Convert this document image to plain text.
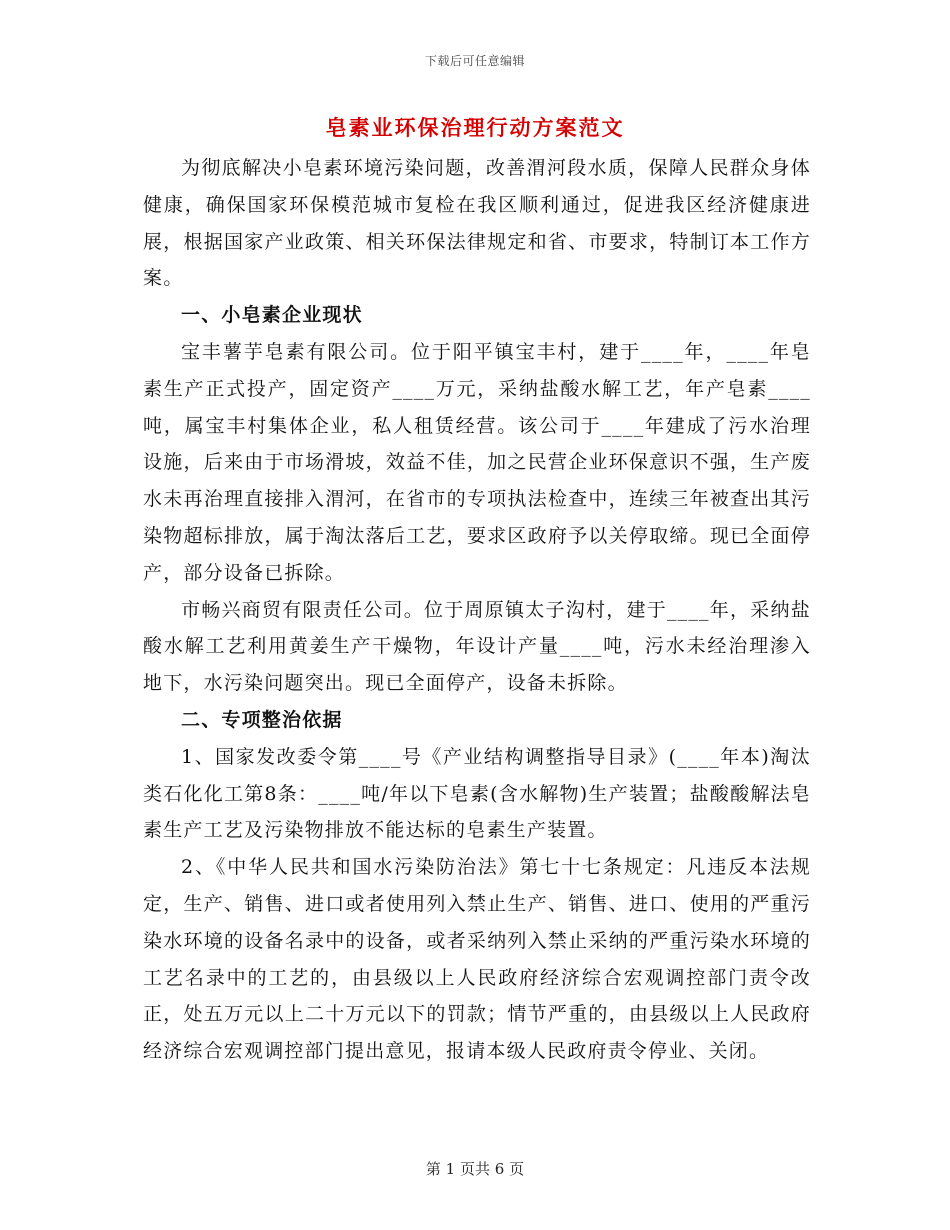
下载后可任意编辑
皂素业环保治理行动方案范文

为彻底解决小皂素环境污染问题，改善渭河段水质，保障人民群众身体健康，确保国家环保模范城市复检在我区顺利通过，促进我区经济健康进展，根据国家产业政策、相关环保法律规定和省、市要求，特制订本工作方案。

一、小皂素企业现状

宝丰薯芋皂素有限公司。位于阳平镇宝丰村，建于____年，____年皂素生产正式投产，固定资产____万元，采纳盐酸水解工艺，年产皂素____吨，属宝丰村集体企业，私人租赁经营。该公司于____年建成了污水治理设施，后来由于市场滑坡，效益不佳，加之民营企业环保意识不强，生产废水未再治理直接排入渭河，在省市的专项执法检查中，连续三年被查出其污染物超标排放，属于淘汰落后工艺，要求区政府予以关停取缔。现已全面停产，部分设备已拆除。

市畅兴商贸有限责任公司。位于周原镇太子沟村，建于____年，采纳盐酸水解工艺利用黄姜生产干燥物，年设计产量____吨，污水未经治理渗入地下，水污染问题突出。现已全面停产，设备未拆除。

二、专项整治依据

1、国家发改委令第____号《产业结构调整指导目录》(____年本)淘汰类石化化工第8条：____吨/年以下皂素(含水解物)生产装置；盐酸酸解法皂素生产工艺及污染物排放不能达标的皂素生产装置。

2、《中华人民共和国水污染防治法》第七十七条规定：凡违反本法规定，生产、销售、进口或者使用列入禁止生产、销售、进口、使用的严重污染水环境的设备名录中的设备，或者采纳列入禁止采纳的严重污染水环境的工艺名录中的工艺的，由县级以上人民政府经济综合宏观调控部门责令改正，处五万元以上二十万元以下的罚款；情节严重的，由县级以上人民政府经济综合宏观调控部门提出意见，报请本级人民政府责令停业、关闭。

第 1 页共 6 页
